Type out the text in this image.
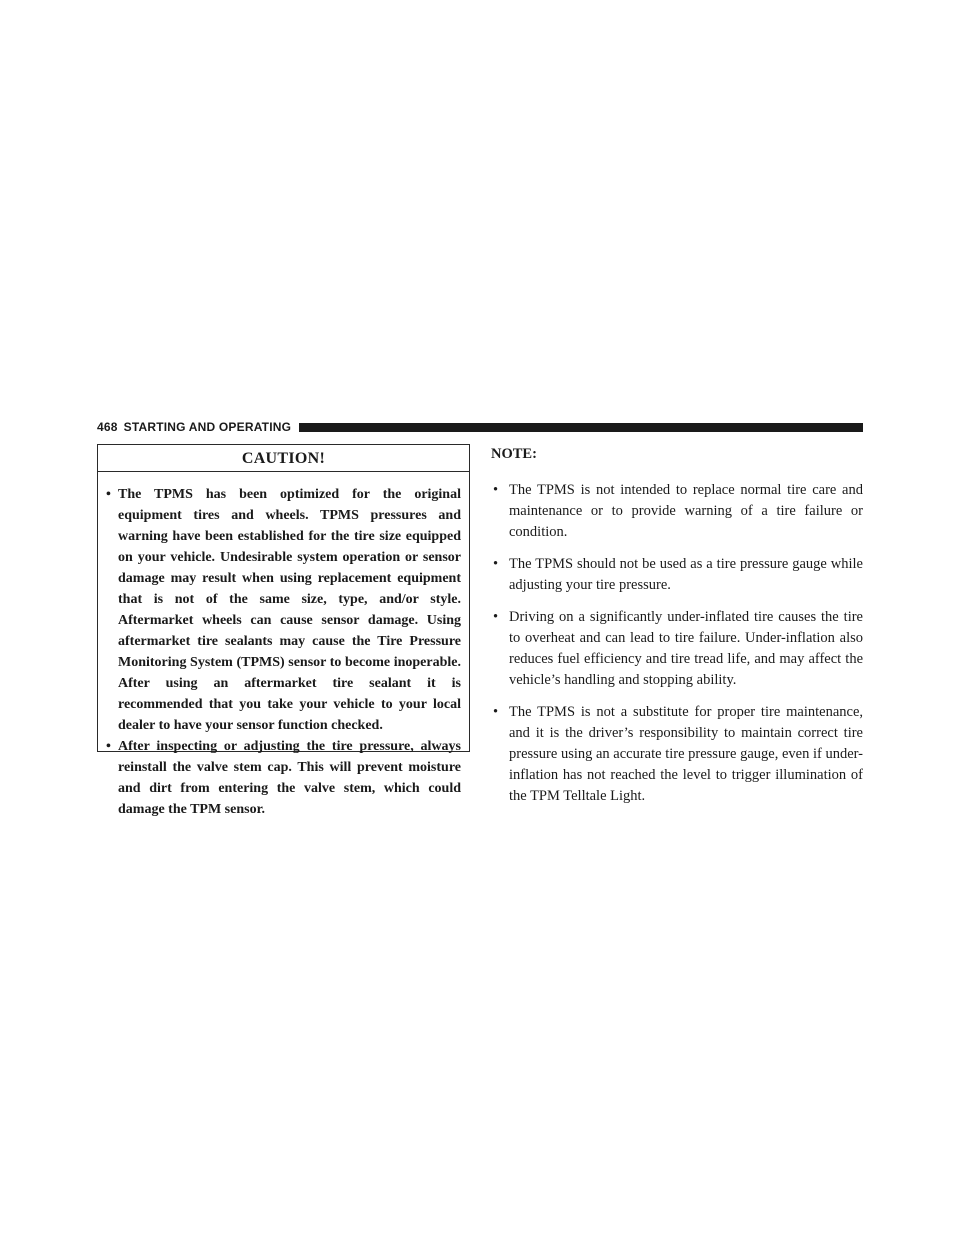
468 STARTING AND OPERATING
CAUTION!
• The TPMS has been optimized for the original equipment tires and wheels. TPMS pressures and warning have been established for the tire size equipped on your vehicle. Undesirable system operation or sensor damage may result when using replacement equipment that is not of the same size, type, and/or style. Aftermarket wheels can cause sensor damage. Using aftermarket tire sealants may cause the Tire Pressure Monitoring System (TPMS) sensor to become inoperable. After using an aftermarket tire sealant it is recommended that you take your vehicle to your local dealer to have your sensor function checked.
• After inspecting or adjusting the tire pressure, always reinstall the valve stem cap. This will prevent moisture and dirt from entering the valve stem, which could damage the TPM sensor.
NOTE:
• The TPMS is not intended to replace normal tire care and maintenance or to provide warning of a tire failure or condition.
• The TPMS should not be used as a tire pressure gauge while adjusting your tire pressure.
• Driving on a significantly under-inflated tire causes the tire to overheat and can lead to tire failure. Under-inflation also reduces fuel efficiency and tire tread life, and may affect the vehicle’s handling and stopping ability.
• The TPMS is not a substitute for proper tire maintenance, and it is the driver’s responsibility to maintain correct tire pressure using an accurate tire pressure gauge, even if under-inflation has not reached the level to trigger illumination of the TPM Telltale Light.
